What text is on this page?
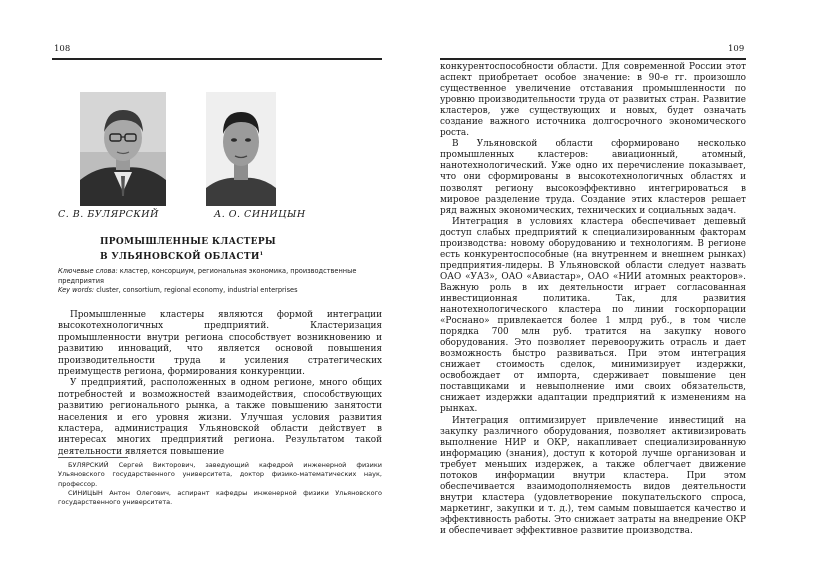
108
С. В. БУЛЯРСКИЙ	А. О. СИНИЦЫН
ПРОМЫШЛЕННЫЕ КЛАСТЕРЫ
В УЛЬЯНОВСКОЙ ОБЛАСТИ$^1$
Ключевые слова: кластер, консорциум, региональная экономика, производственные предприятия
Key words: cluster, consortium, regional economy, industrial enterprises

Промышленные кластеры являются формой интеграции высокотехнологичных предприятий. Кластеризация промышленности внутри региона способствует возникновению и развитию инноваций, что является основой повышения производительности труда и усиления стратегических преимуществ региона, формирования конкуренции.

У предприятий, расположенных в одном регионе, много общих потребностей и возможностей взаимодействия, способствующих развитию регионального рынка, а также повышению занятости населения и его уровня жизни. Улучшая условия развития кластера, администрация Ульяновской области действует в интересах многих предприятий региона. Результатом такой деятельности является повышение

БУЛЯРСКИЙ Сергей Викторович, заведующий кафедрой инженерной физики Ульяновского государственного университета, доктор физико-математических наук, профессор.

СИНИЦЫН Антон Олегович, аспирант кафедры инженерной физики Ульяновского государственного университета.

109

конкурентоспособности области. Для современной России этот аспект приобретает особое значение: в 90-е гг. произошло существенное увеличение отставания промышленности по уровню производительности труда от развитых стран. Развитие кластеров, уже существующих и новых, будет означать создание важного источника долгосрочного экономического роста.

В Ульяновской области сформировано несколько промышленных кластеров: авиационный, атомный, нанотехнологический. Уже одно их перечисление показывает, что они сформированы в высокотехнологичных областях и позволят региону высокоэффективно интегрироваться в мировое разделение труда. Создание этих кластеров решает ряд важных экономических, технических и социальных задач.

Интеграция в условиях кластера обеспечивает дешевый доступ слабых предприятий к специализированным факторам производства: новому оборудованию и технологиям. В регионе есть конкурентоспособные (на внутреннем и внешнем рынках) предприятия-лидеры. В Ульяновской области следует назвать ОАО «УАЗ», ОАО «Авиастар», ОАО «НИИ атомных реакторов». Важную роль в их деятельности играет согласованная инвестиционная политика. Так, для развития нанотехнологического кластера по линии госкорпорации «Роснано» привлекается более 1 млрд руб., в том числе порядка 700 млн руб. тратится на закупку нового оборудования. Это позволяет перевооружить отрасль и дает возможность быстро развиваться. При этом интеграция снижает стоимость сделок, минимизирует издержки, освобождает от импорта, сдерживает повышение цен поставщиками и невыполнение ими своих обязательств, снижает издержки адаптации предприятий к изменениям на рынках.

Интеграция оптимизирует привлечение инвестиций на закупку различного оборудования, позволяет активизировать выполнение НИР и ОКР, накапливает специализированную информацию (знания), доступ к которой лучше организован и требует меньших издержек, а также облегчает движение потоков информации внутри кластера. При этом обеспечивается взаимодополняемость видов деятельности внутри кластера (удовлетворение покупательского спроса, маркетинг, закупки и т. д.), тем самым повышается качество и эффективность работы. Это снижает затраты на внедрение ОКР и обеспечивает эффективное развитие производства.
